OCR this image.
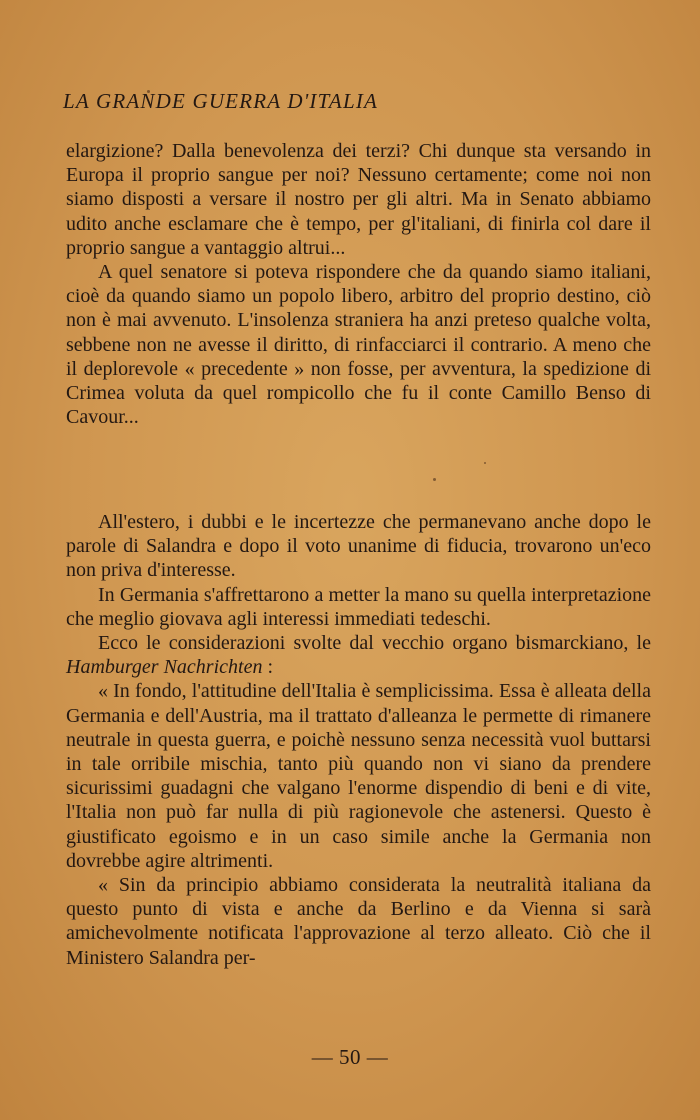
LA GRANDE GUERRA D'ITALIA

elargizione? Dalla benevolenza dei terzi? Chi dunque sta versando in Europa il proprio sangue per noi? Nessuno certamente; come noi non siamo disposti a versare il nostro per gli altri. Ma in Senato abbiamo udito anche esclamare che è tempo, per gl'italiani, di finirla col dare il proprio sangue a vantaggio altrui...

A quel senatore si poteva rispondere che da quando siamo italiani, cioè da quando siamo un popolo libero, arbitro del proprio destino, ciò non è mai avvenuto. L'insolenza straniera ha anzi preteso qualche volta, sebbene non ne avesse il diritto, di rinfacciarci il contrario. A meno che il deplorevole « precedente » non fosse, per avventura, la spedizione di Crimea voluta da quel rompicollo che fu il conte Camillo Benso di Cavour...

All'estero, i dubbi e le incertezze che permanevano anche dopo le parole di Salandra e dopo il voto unanime di fiducia, trovarono un'eco non priva d'interesse.

In Germania s'affrettarono a metter la mano su quella interpretazione che meglio giovava agli interessi immediati tedeschi.

Ecco le considerazioni svolte dal vecchio organo bismarckiano, le Hamburger Nachrichten :

« In fondo, l'attitudine dell'Italia è semplicissima. Essa è alleata della Germania e dell'Austria, ma il trattato d'alleanza le permette di rimanere neutrale in questa guerra, e poichè nessuno senza necessità vuol buttarsi in tale orribile mischia, tanto più quando non vi siano da prendere sicurissimi guadagni che valgano l'enorme dispendio di beni e di vite, l'Italia non può far nulla di più ragionevole che astenersi. Questo è giustificato egoismo e in un caso simile anche la Germania non dovrebbe agire altrimenti.

« Sin da principio abbiamo considerata la neutralità italiana da questo punto di vista e anche da Berlino e da Vienna si sarà amichevolmente notificata l'approvazione al terzo alleato. Ciò che il Ministero Salandra per-

— 50 —
